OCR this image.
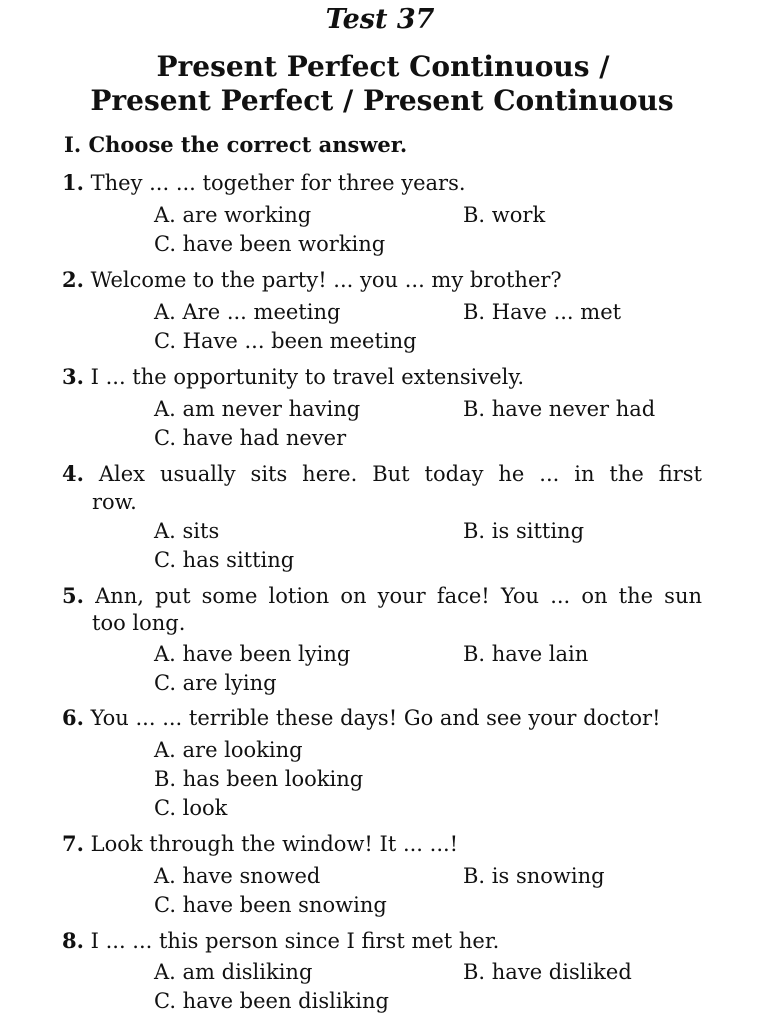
Test 37
Present Perfect Continuous /
Present Perfect / Present Continuous
I. Choose the correct answer.
1. They ... ... together for three years.
A. are working	B. work
C. have been working
2. Welcome to the party! ... you ... my brother?
A. Are ... meeting	B. Have ... met
C. Have ... been meeting
3. I ... the opportunity to travel extensively.
A. am never having	B. have never had
C. have had never
4. Alex usually sits here. But today he ... in the first
row.
A. sits	B. is sitting
C. has sitting
5. Ann, put some lotion on your face! You ... on the sun
too long.
A. have been lying	B. have lain
C. are lying
6. You ... ... terrible these days! Go and see your doctor!
A. are looking
B. has been looking
C. look
7. Look through the window! It ... ...!
A. have snowed	B. is snowing
C. have been snowing
8. I ... ... this person since I first met her.
A. am disliking	B. have disliked
C. have been disliking
